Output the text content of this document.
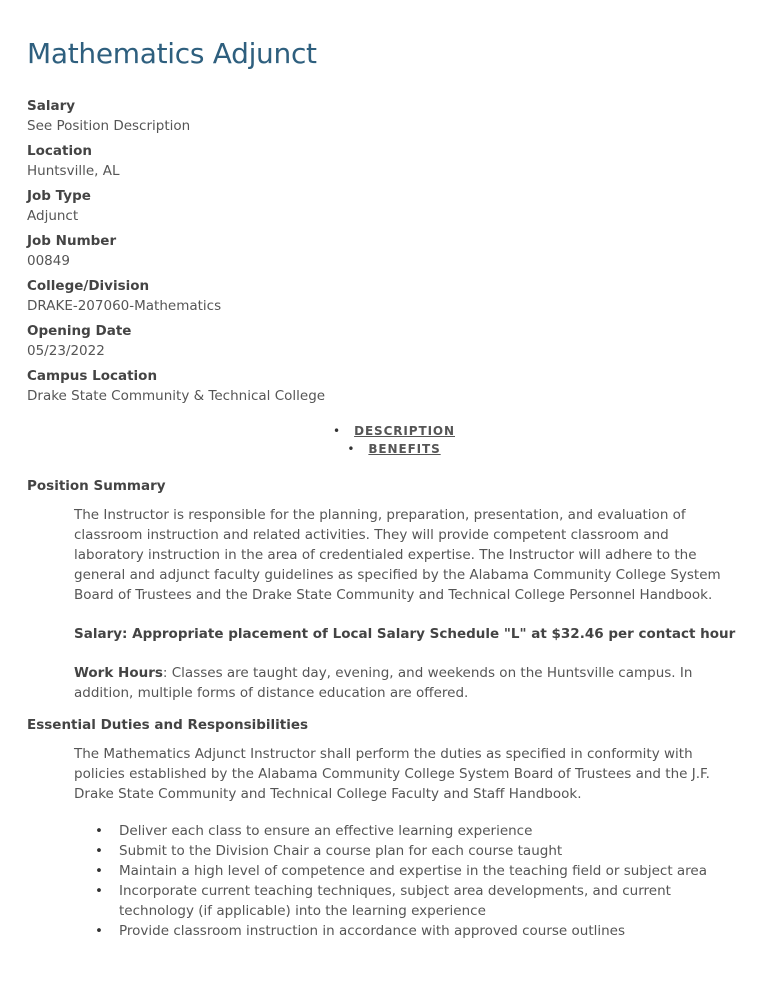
Mathematics Adjunct
Salary
See Position Description
Location
Huntsville, AL
Job Type
Adjunct
Job Number
00849
College/Division
DRAKE-207060-Mathematics
Opening Date
05/23/2022
Campus Location
Drake State Community & Technical College
• DESCRIPTION
• BENEFITS
Position Summary

The Instructor is responsible for the planning, preparation, presentation, and evaluation of classroom instruction and related activities. They will provide competent classroom and laboratory instruction in the area of credentialed expertise. The Instructor will adhere to the general and adjunct faculty guidelines as specified by the Alabama Community College System Board of Trustees and the Drake State Community and Technical College Personnel Handbook.

Salary: Appropriate placement of Local Salary Schedule "L" at $32.46 per contact hour

Work Hours: Classes are taught day, evening, and weekends on the Huntsville campus. In addition, multiple forms of distance education are offered.

Essential Duties and Responsibilities

The Mathematics Adjunct Instructor shall perform the duties as specified in conformity with policies established by the Alabama Community College System Board of Trustees and the J.F. Drake State Community and Technical College Faculty and Staff Handbook.

• Deliver each class to ensure an effective learning experience
• Submit to the Division Chair a course plan for each course taught
• Maintain a high level of competence and expertise in the teaching field or subject area
• Incorporate current teaching techniques, subject area developments, and current technology (if applicable) into the learning experience
• Provide classroom instruction in accordance with approved course outlines
